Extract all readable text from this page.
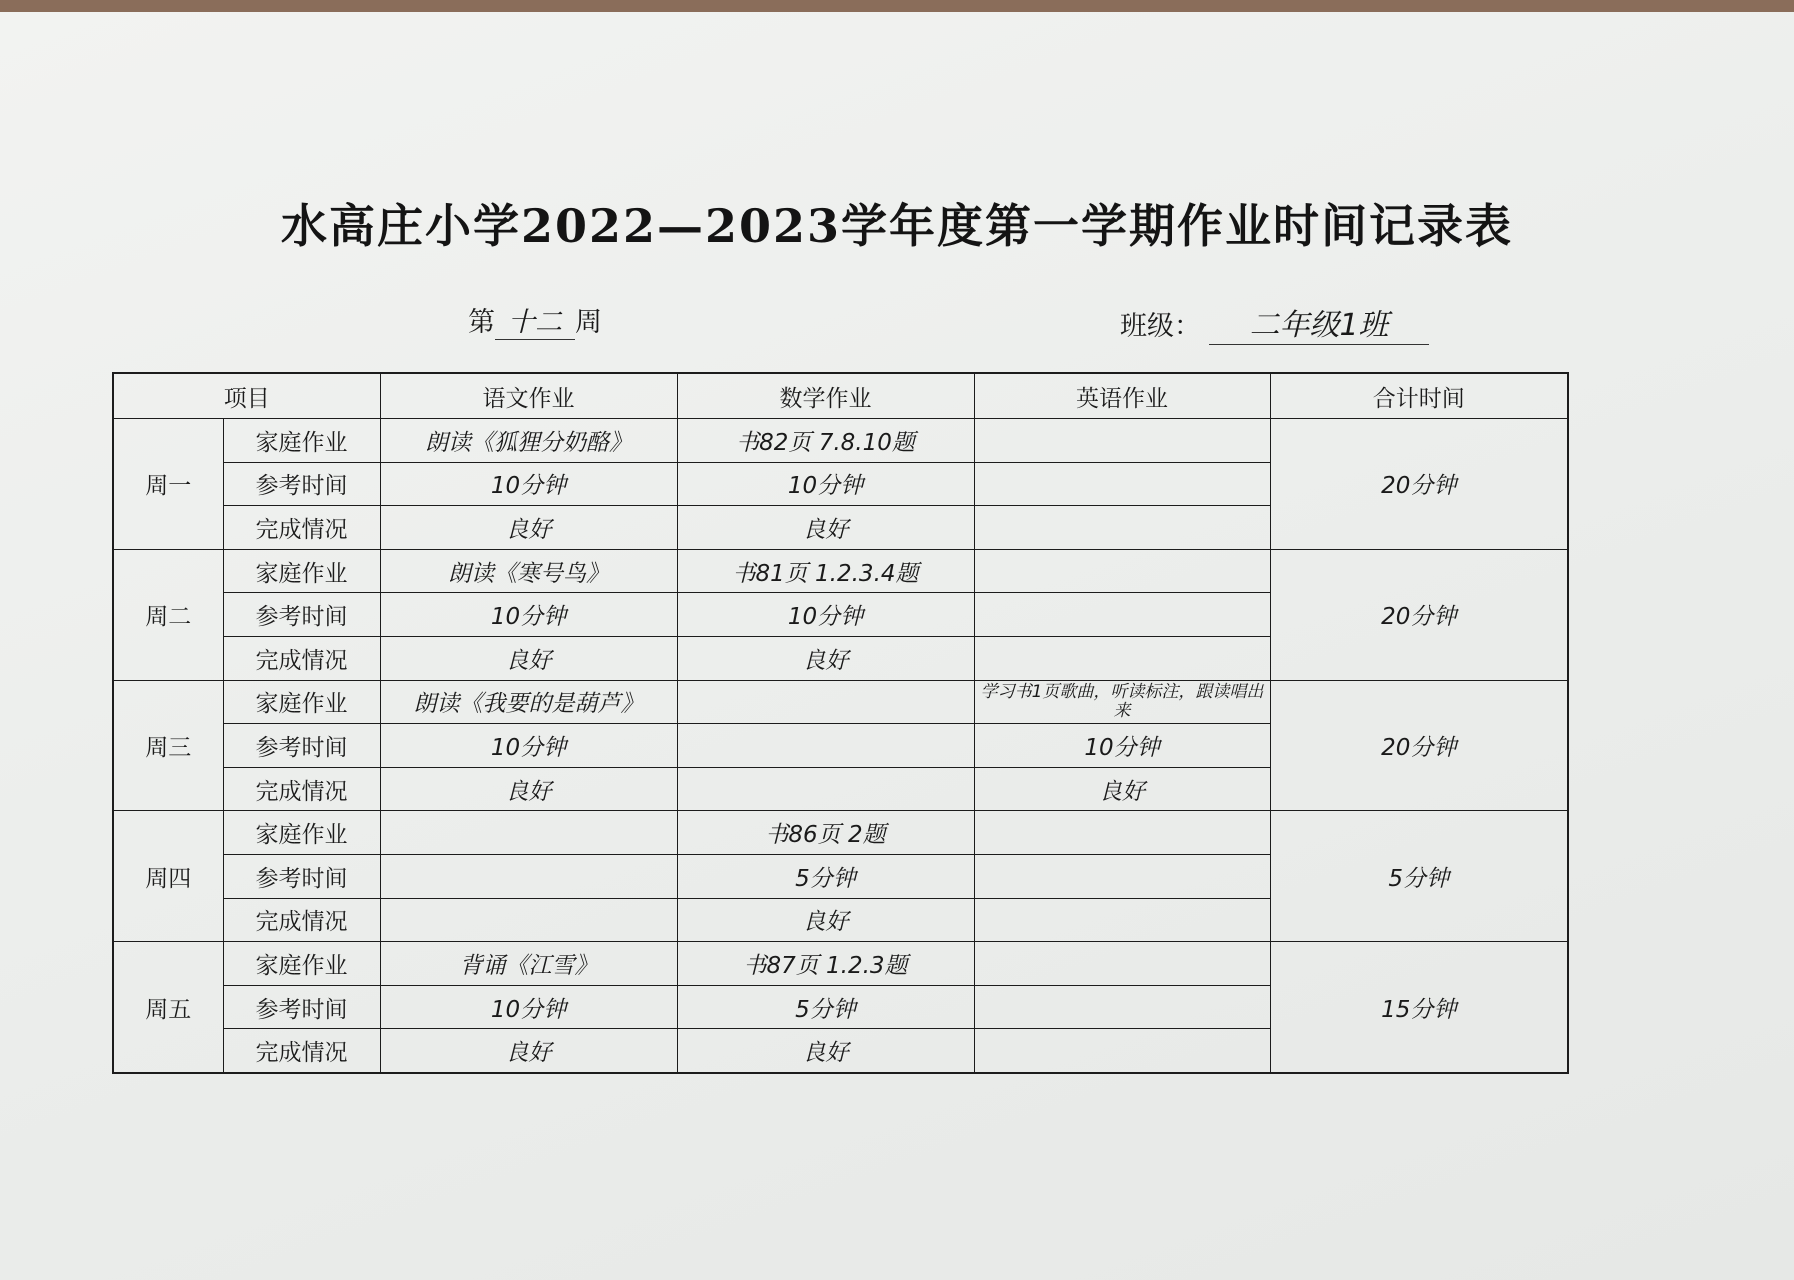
水高庄小学2022—2023学年度第一学期作业时间记录表
第 十二 周	班级： 二年级1班
项目		语文作业	数学作业	英语作业	合计时间
周一	家庭作业	朗读《狐狸分奶酪》	书82页 7.8.10题		20分钟
	参考时间	10分钟	10分钟		
	完成情况	良好	良好		
周二	家庭作业	朗读《寒号鸟》	书81页 1.2.3.4题		20分钟
	参考时间	10分钟	10分钟		
	完成情况	良好	良好		
周三	家庭作业	朗读《我要的是葫芦》		学习书1页歌曲，听读标注，跟读唱出来	20分钟
	参考时间	10分钟		10分钟	
	完成情况	良好		良好	
周四	家庭作业		书86页 2题		5分钟
	参考时间		5分钟		
	完成情况		良好		
周五	家庭作业	背诵《江雪》	书87页 1.2.3题		15分钟
	参考时间	10分钟	5分钟		
	完成情况	良好	良好		
